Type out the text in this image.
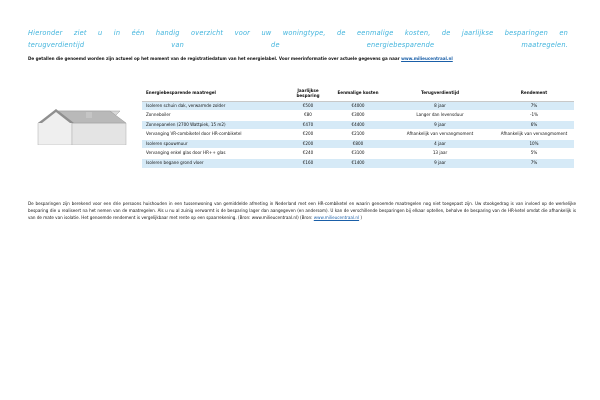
Hieronder ziet u in één handig overzicht voor uw woningtype, de eenmalige kosten, de jaarlijkse besparingen en terugverdientijd van de energiebesparende maatregelen.

De getallen die genoemd worden zijn actueel op het moment van de registratiedatum van het energielabel. Voor meerinformatie over actuele gegevens ga naar www.milieucentraal.nl

Energiebesparende maatregel	Jaarlijkse besparing	Eenmalige kosten	Terugverdientijd	Rendement
Isoleren schuin dak, verwarmde zolder	€500	€4000	8 jaar	7%
Zonneboiler	€80	€3000	Langer dan levensduur	-1%
Zonnepanelen (2700 Wattpiek, 15 m2)	€470	€4400	9 jaar	6%
Vervanging VR-combiketel door HR-combiketel	€200	€2100	Afhankelijk van vervangmoment	Afhankelijk van vervangmoment
Isoleren spouwmuur	€200	€800	4 jaar	10%
Vervanging enkel glas door HR++ glas	€240	€3100	13 jaar	5%
Isoleren begane grond vloer	€160	€1400	9 jaar	7%

De besparingen zijn berekend voor een drie persoons huishouden in een tussenwoning van gemiddelde afmeting in Nederland met een HR-combiketel en waarin genoemde maatregelen nog niet toegepast zijn. Uw stookgedrag is van invloed op de werkelijke besparing die u realiseert na het nemen van de maatregelen. Als u nu al zuinig verwarmt is de besparing lager dan aangegeven (en andersom). U kan de verschillende besparingen bij elkaar optellen, behalve de besparing van de HR-ketel omdat die afhankelijk is van de mate van isolatie. Het genoemde rendement is vergelijkbaar met rente op een spaarrekening. (Bron: www.milieucentraal.nl) (Bron: www.milieucentraal.nl )
